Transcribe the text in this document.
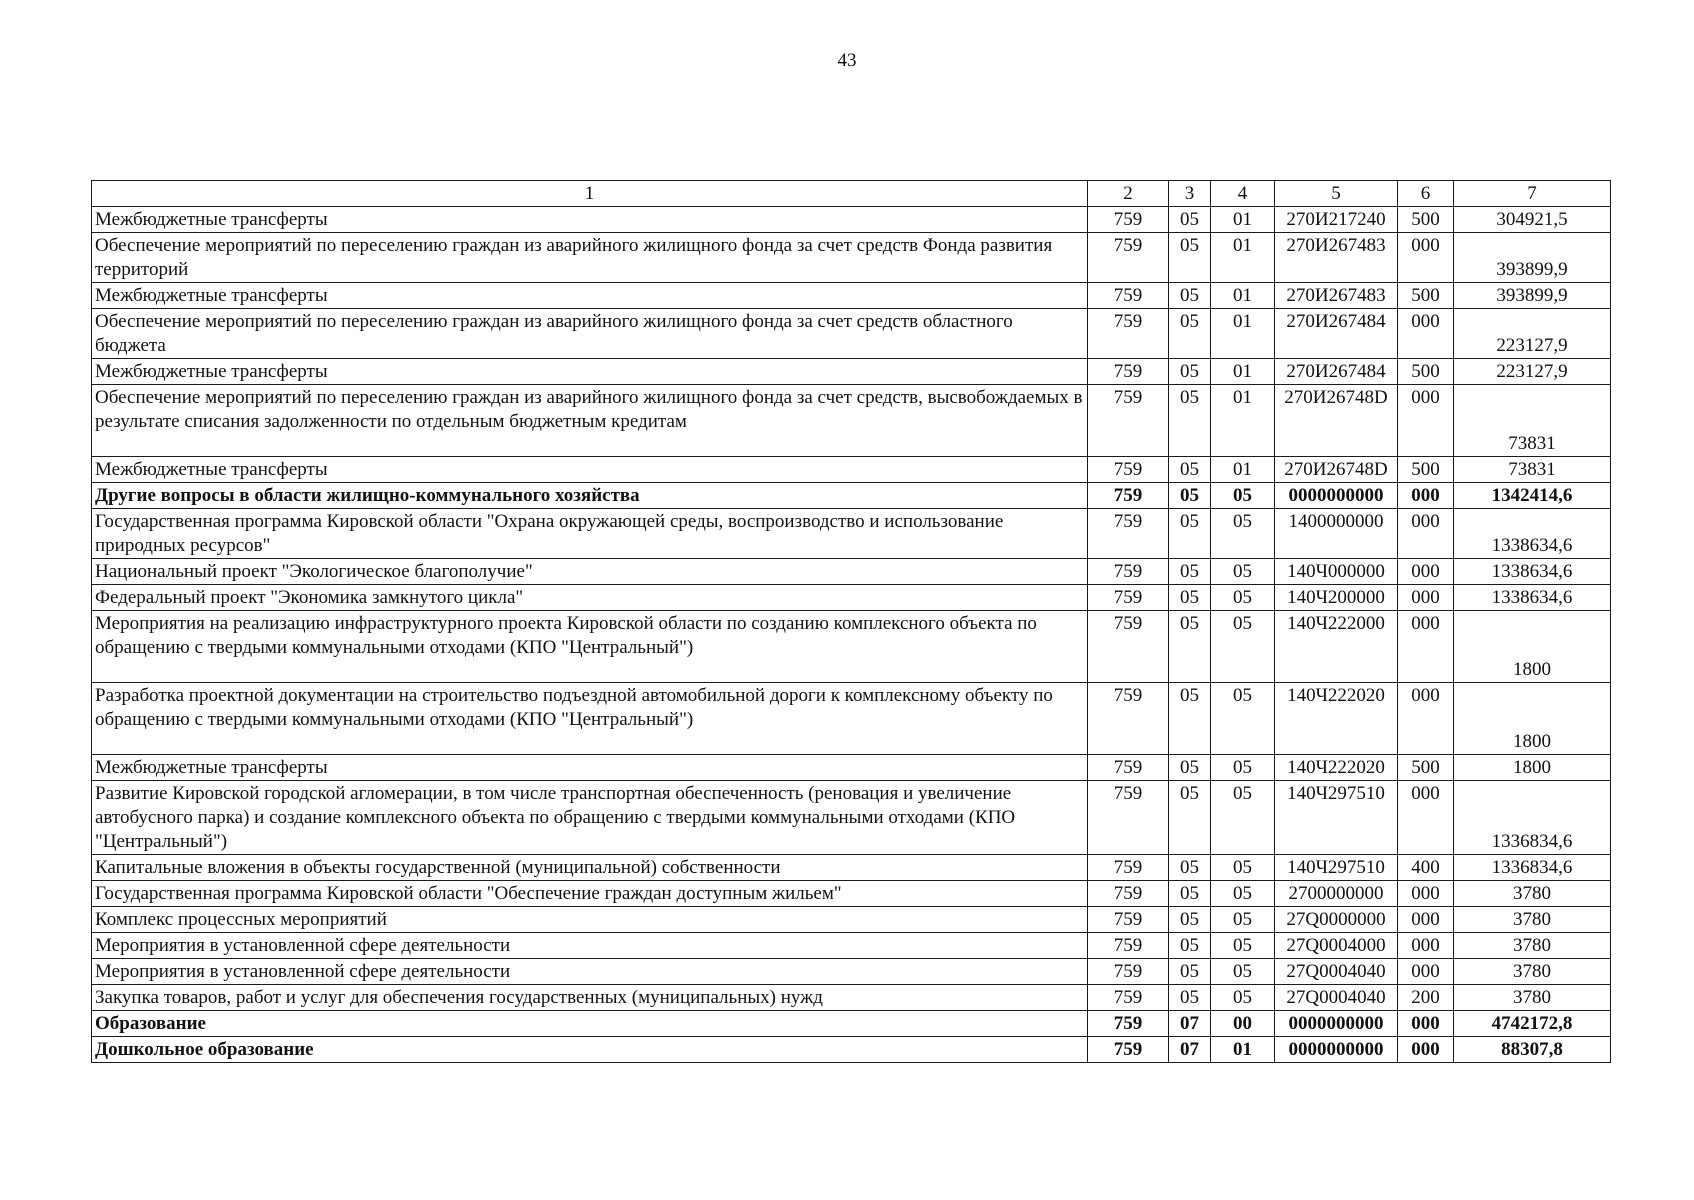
43
1	2	3	4	5	6	7
Межбюджетные трансферты	759	05	01	270И217240	500	304921,5
Обеспечение мероприятий по переселению граждан из аварийного жилищного фонда за счет средств Фонда развития территорий	759	05	01	270И267483	000	393899,9
Межбюджетные трансферты	759	05	01	270И267483	500	393899,9
Обеспечение мероприятий по переселению граждан из аварийного жилищного фонда за счет средств областного бюджета	759	05	01	270И267484	000	223127,9
Межбюджетные трансферты	759	05	01	270И267484	500	223127,9
Обеспечение мероприятий по переселению граждан из аварийного жилищного фонда за счет средств, высвобождаемых в результате списания задолженности по отдельным бюджетным кредитам	759	05	01	270И26748D	000	73831
Межбюджетные трансферты	759	05	01	270И26748D	500	73831
Другие вопросы в области жилищно-коммунального хозяйства	759	05	05	0000000000	000	1342414,6
Государственная программа Кировской области "Охрана окружающей среды, воспроизводство и использование природных ресурсов"	759	05	05	1400000000	000	1338634,6
Национальный проект "Экологическое благополучие"	759	05	05	140Ч000000	000	1338634,6
Федеральный проект "Экономика замкнутого цикла"	759	05	05	140Ч200000	000	1338634,6
Мероприятия на реализацию инфраструктурного проекта Кировской области по созданию комплексного объекта по обращению с твердыми коммунальными отходами (КПО "Центральный")	759	05	05	140Ч222000	000	1800
Разработка проектной документации на строительство подъездной автомобильной дороги к комплексному объекту по обращению с твердыми коммунальными отходами (КПО "Центральный")	759	05	05	140Ч222020	000	1800
Межбюджетные трансферты	759	05	05	140Ч222020	500	1800
Развитие Кировской городской агломерации, в том числе транспортная обеспеченность (реновация и увеличение автобусного парка) и создание комплексного объекта по обращению с твердыми коммунальными отходами (КПО "Центральный")	759	05	05	140Ч297510	000	1336834,6
Капитальные вложения в объекты государственной (муниципальной) собственности	759	05	05	140Ч297510	400	1336834,6
Государственная программа Кировской области "Обеспечение граждан доступным жильем"	759	05	05	2700000000	000	3780
Комплекс процессных мероприятий	759	05	05	27Q0000000	000	3780
Мероприятия в установленной сфере деятельности	759	05	05	27Q0004000	000	3780
Мероприятия в установленной сфере деятельности	759	05	05	27Q0004040	000	3780
Закупка товаров, работ и услуг для обеспечения государственных (муниципальных) нужд	759	05	05	27Q0004040	200	3780
Образование	759	07	00	0000000000	000	4742172,8
Дошкольное образование	759	07	01	0000000000	000	88307,8
